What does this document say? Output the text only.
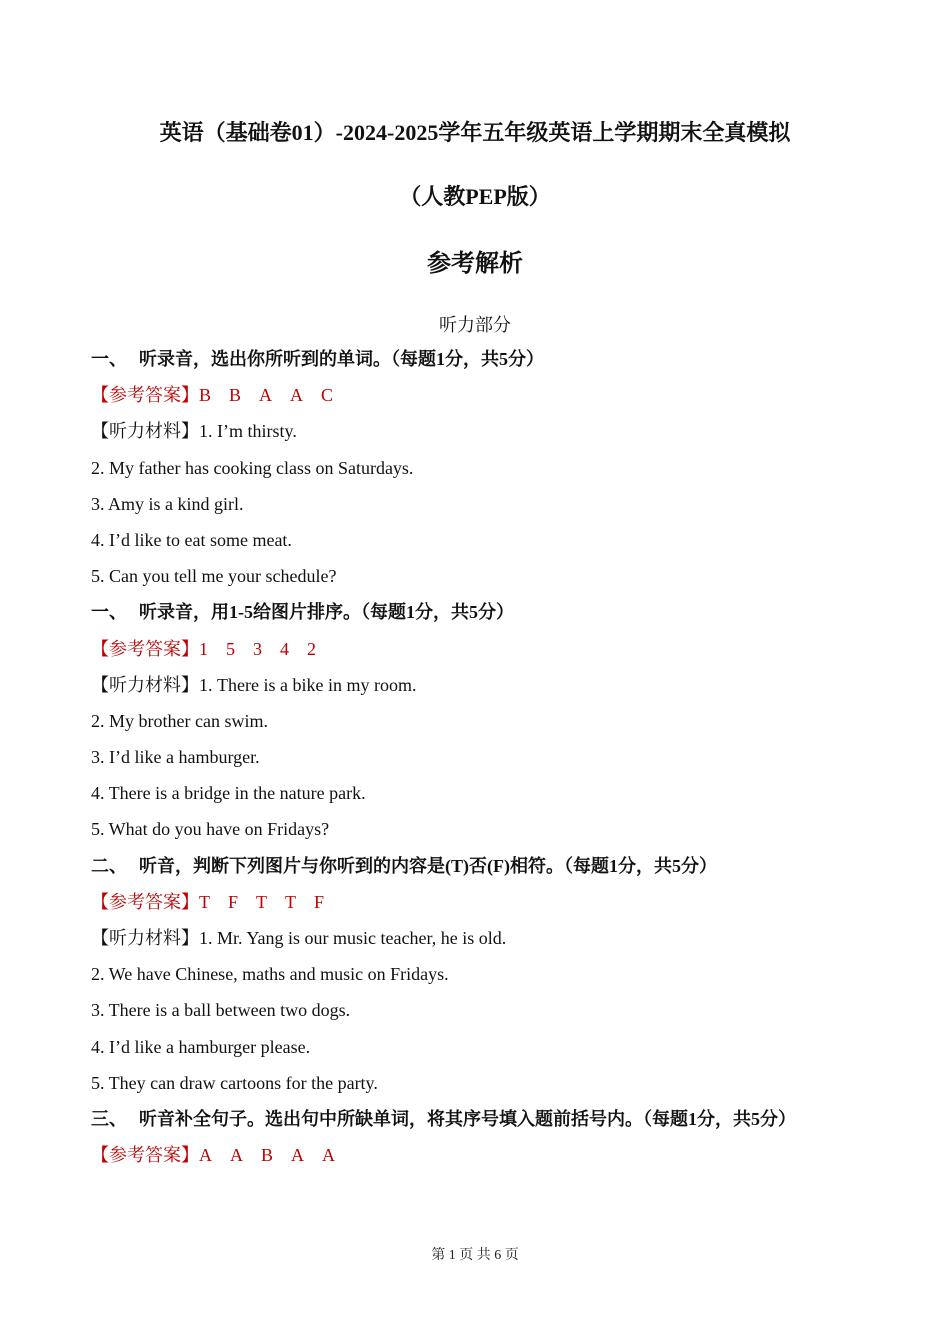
英语（基础卷01）-2024-2025学年五年级英语上学期期末全真模拟
（人教PEP版）
参考解析
听力部分
一、 听录音，选出你所听到的单词。（每题1分，共5分）
【参考答案】B B A A C
【听力材料】1. I’m thirsty.
2. My father has cooking class on Saturdays.
3. Amy is a kind girl.
4. I’d like to eat some meat.
5. Can you tell me your schedule?
一、 听录音，用1-5给图片排序。（每题1分，共5分）
【参考答案】1 5 3 4 2
【听力材料】1. There is a bike in my room.
2. My brother can swim.
3. I’d like a hamburger.
4. There is a bridge in the nature park.
5. What do you have on Fridays?
二、 听音，判断下列图片与你听到的内容是(T)否(F)相符。（每题1分，共5分）
【参考答案】T F T T F
【听力材料】1. Mr. Yang is our music teacher, he is old.
2. We have Chinese, maths and music on Fridays.
3. There is a ball between two dogs.
4. I’d like a hamburger please.
5. They can draw cartoons for the party.
三、 听音补全句子。选出句中所缺单词，将其序号填入题前括号内。（每题1分，共5分）
【参考答案】A A B A A
第 1 页 共 6 页
